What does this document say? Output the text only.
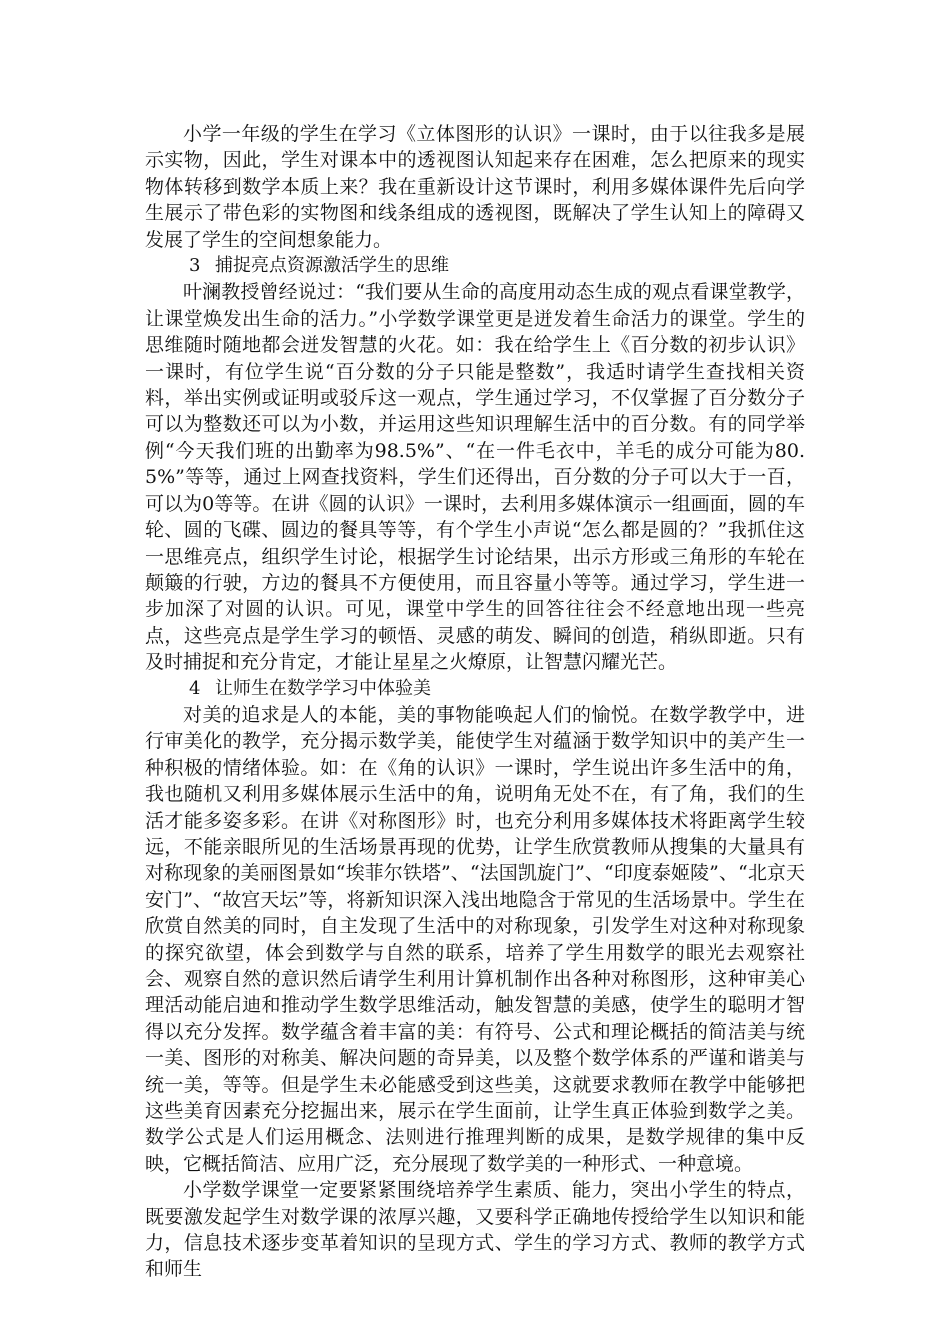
小学一年级的学生在学习《立体图形的认识》一课时，由于以往我多是展示实物，因此，学生对课本中的透视图认知起来存在困难，怎么把原来的现实物体转移到数学本质上来？我在重新设计这节课时，利用多媒体课件先后向学生展示了带色彩的实物图和线条组成的透视图，既解决了学生认知上的障碍又发展了学生的空间想象能力。

3 捕捉亮点资源激活学生的思维

叶澜教授曾经说过：“我们要从生命的高度用动态生成的观点看课堂教学，让课堂焕发出生命的活力。”小学数学课堂更是迸发着生命活力的课堂。学生的思维随时随地都会迸发智慧的火花。如：我在给学生上《百分数的初步认识》一课时，有位学生说“百分数的分子只能是整数”，我适时请学生查找相关资料，举出实例或证明或驳斥这一观点，学生通过学习，不仅掌握了百分数分子可以为整数还可以为小数，并运用这些知识理解生活中的百分数。有的同学举例“今天我们班的出勤率为98.5%”、“在一件毛衣中，羊毛的成分可能为80.5%”等等，通过上网查找资料，学生们还得出，百分数的分子可以大于一百，可以为0等等。在讲《圆的认识》一课时，去利用多媒体演示一组画面，圆的车轮、圆的飞碟、圆边的餐具等等，有个学生小声说“怎么都是圆的？”我抓住这一思维亮点，组织学生讨论，根据学生讨论结果，出示方形或三角形的车轮在颠簸的行驶，方边的餐具不方便使用，而且容量小等等。通过学习，学生进一步加深了对圆的认识。可见，课堂中学生的回答往往会不经意地出现一些亮点，这些亮点是学生学习的顿悟、灵感的萌发、瞬间的创造，稍纵即逝。只有及时捕捉和充分肯定，才能让星星之火燎原，让智慧闪耀光芒。

4 让师生在数学学习中体验美

对美的追求是人的本能，美的事物能唤起人们的愉悦。在数学教学中，进行审美化的教学，充分揭示数学美，能使学生对蕴涵于数学知识中的美产生一种积极的情绪体验。如：在《角的认识》一课时，学生说出许多生活中的角，我也随机又利用多媒体展示生活中的角，说明角无处不在，有了角，我们的生活才能多姿多彩。在讲《对称图形》时，也充分利用多媒体技术将距离学生较远，不能亲眼所见的生活场景再现的优势，让学生欣赏教师从搜集的大量具有对称现象的美丽图景如“埃菲尔铁塔”、“法国凯旋门”、“印度泰姬陵”、“北京天安门”、“故宫天坛”等，将新知识深入浅出地隐含于常见的生活场景中。学生在欣赏自然美的同时，自主发现了生活中的对称现象，引发学生对这种对称现象的探究欲望，体会到数学与自然的联系，培养了学生用数学的眼光去观察社会、观察自然的意识然后请学生利用计算机制作出各种对称图形，这种审美心理活动能启迪和推动学生数学思维活动，触发智慧的美感，使学生的聪明才智得以充分发挥。数学蕴含着丰富的美：有符号、公式和理论概括的简洁美与统一美、图形的对称美、解决问题的奇异美，以及整个数学体系的严谨和谐美与统一美，等等。但是学生未必能感受到这些美，这就要求教师在教学中能够把这些美育因素充分挖掘出来，展示在学生面前，让学生真正体验到数学之美。数学公式是人们运用概念、法则进行推理判断的成果，是数学规律的集中反映，它概括简洁、应用广泛，充分展现了数学美的一种形式、一种意境。

小学数学课堂一定要紧紧围绕培养学生素质、能力，突出小学生的特点，既要激发起学生对数学课的浓厚兴趣，又要科学正确地传授给学生以知识和能力，信息技术逐步变革着知识的呈现方式、学生的学习方式、教师的教学方式和师生
